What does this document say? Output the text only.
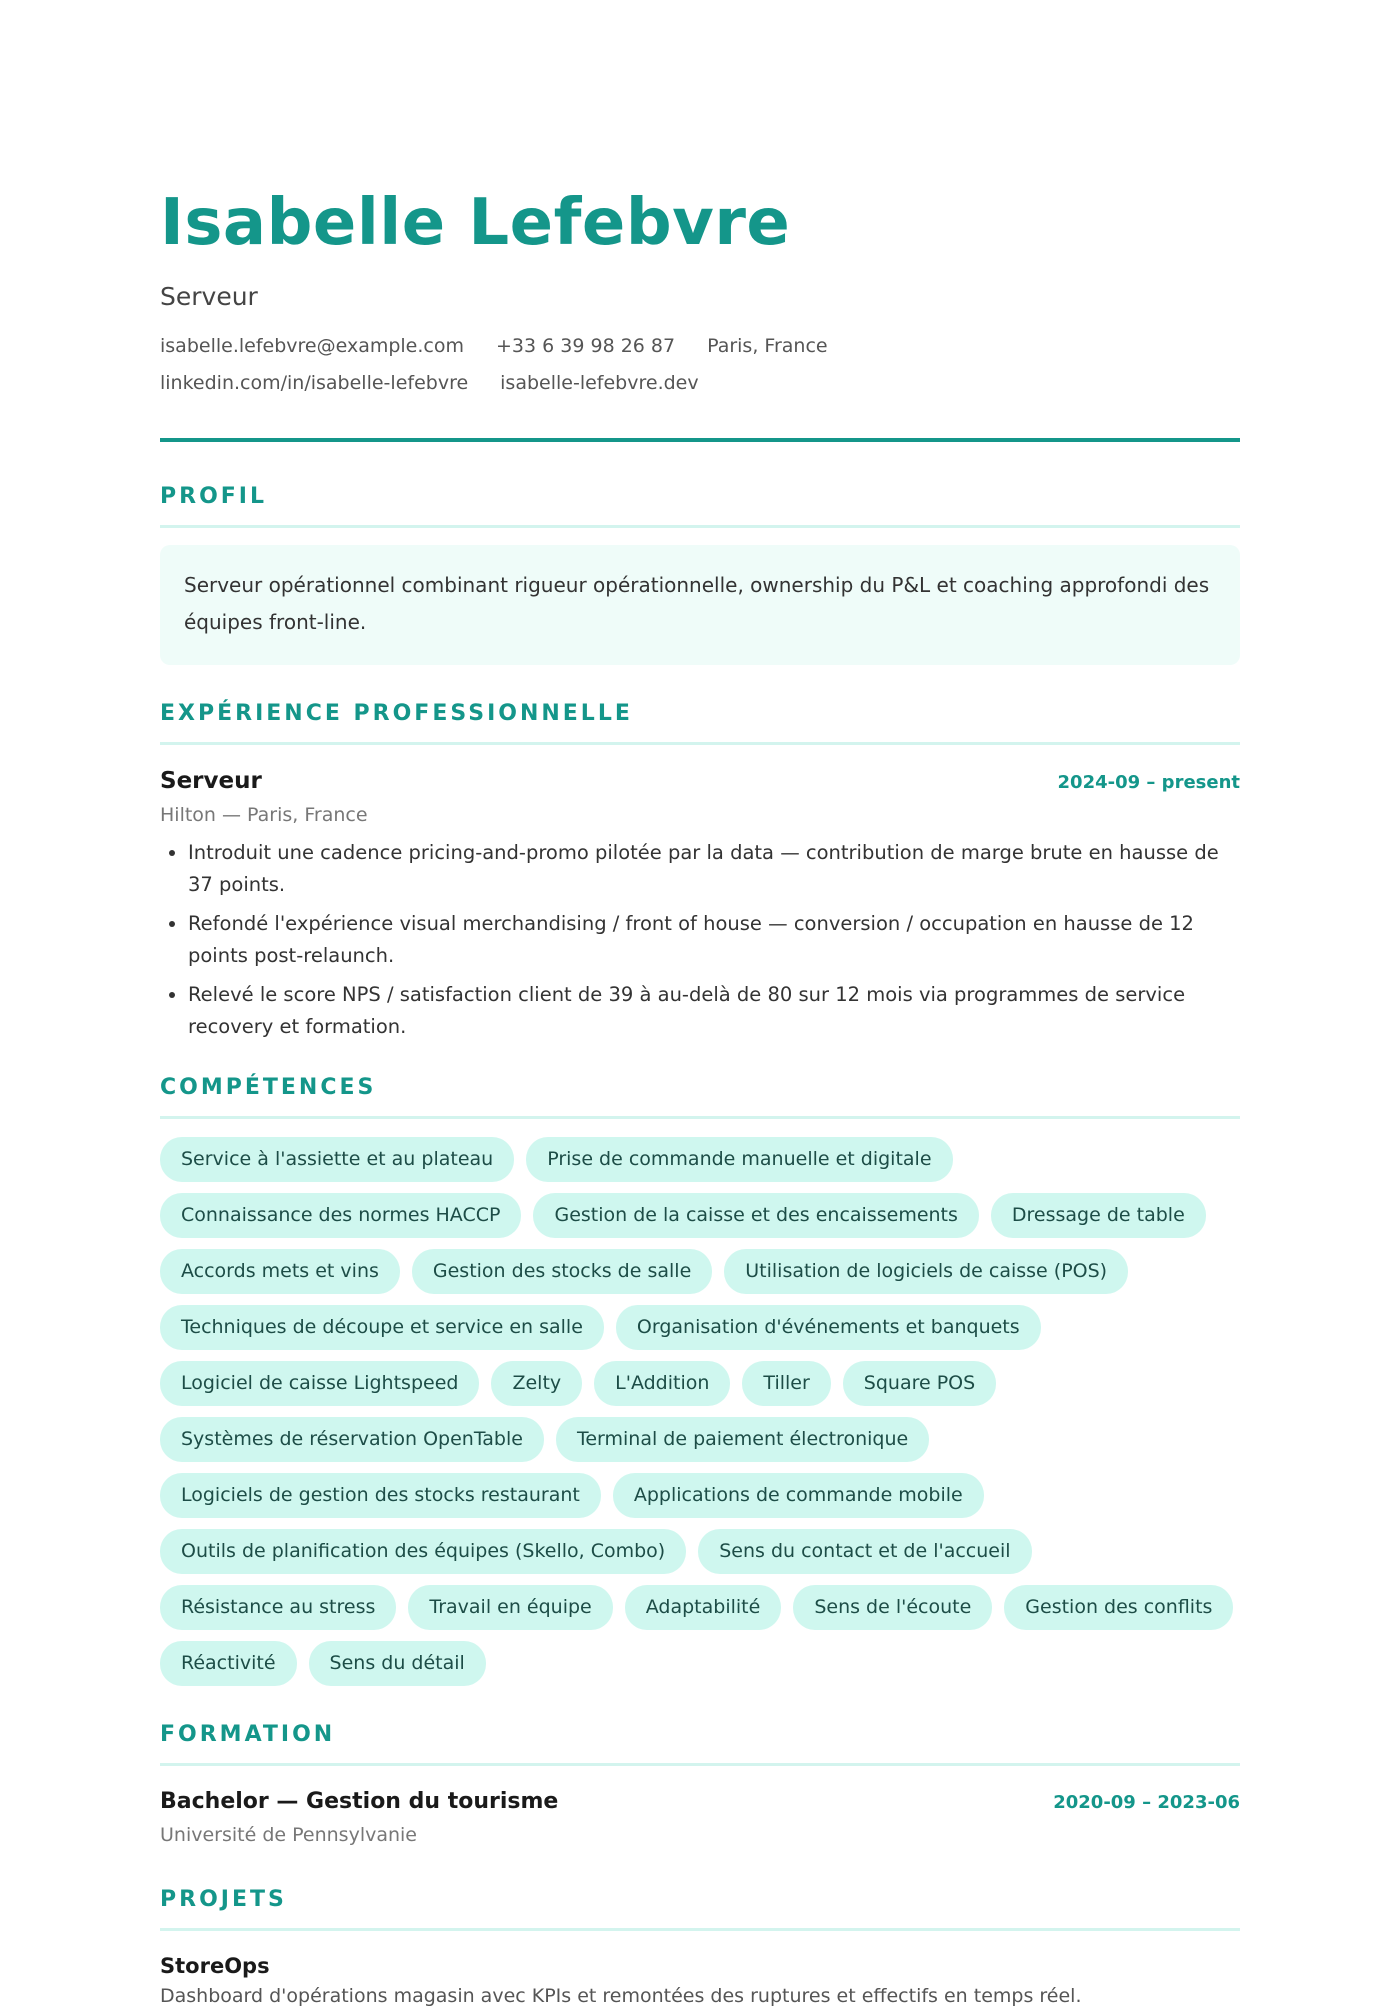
Isabelle Lefebvre
Serveur
isabelle.lefebvre@example.com +33 6 39 98 26 87 Paris, France
linkedin.com/in/isabelle-lefebvre isabelle-lefebvre.dev
PROFIL
Serveur opérationnel combinant rigueur opérationnelle, ownership du P&L et coaching approfondi des équipes front-line.
EXPÉRIENCE PROFESSIONNELLE
Serveur	2024-09 – present
Hilton — Paris, France
• Introduit une cadence pricing-and-promo pilotée par la data — contribution de marge brute en hausse de 37 points.
• Refondé l'expérience visual merchandising / front of house — conversion / occupation en hausse de 12 points post-relaunch.
• Relevé le score NPS / satisfaction client de 39 à au-delà de 80 sur 12 mois via programmes de service recovery et formation.
COMPÉTENCES
Service à l'assiette et au plateau	Prise de commande manuelle et digitale
Connaissance des normes HACCP	Gestion de la caisse et des encaissements	Dressage de table
Accords mets et vins	Gestion des stocks de salle	Utilisation de logiciels de caisse (POS)
Techniques de découpe et service en salle	Organisation d'événements et banquets
Logiciel de caisse Lightspeed	Zelty	L'Addition	Tiller	Square POS
Systèmes de réservation OpenTable	Terminal de paiement électronique
Logiciels de gestion des stocks restaurant	Applications de commande mobile
Outils de planification des équipes (Skello, Combo)	Sens du contact et de l'accueil
Résistance au stress	Travail en équipe	Adaptabilité	Sens de l'écoute	Gestion des conflits
Réactivité	Sens du détail
FORMATION
Bachelor — Gestion du tourisme	2020-09 – 2023-06
Université de Pennsylvanie
PROJETS
StoreOps
Dashboard d'opérations magasin avec KPIs et remontées des ruptures et effectifs en temps réel.
